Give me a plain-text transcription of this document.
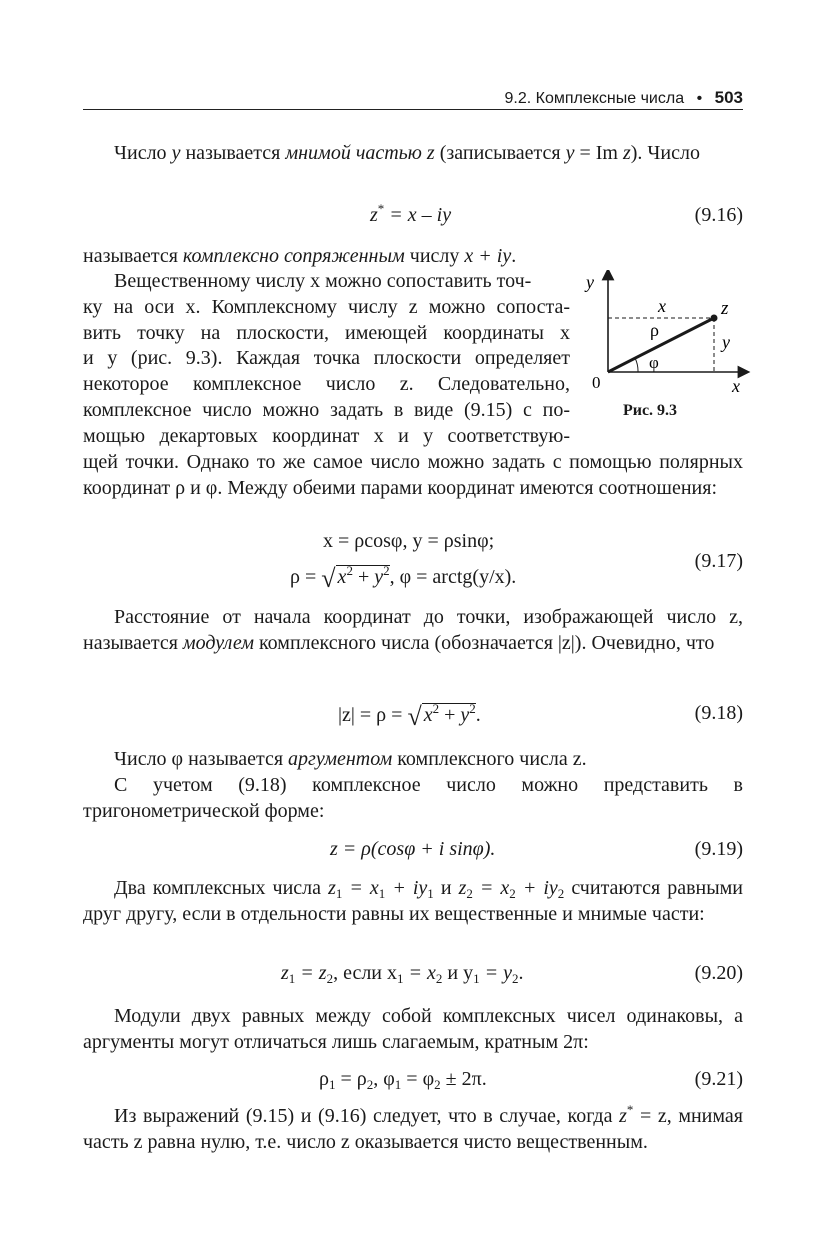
9.2. Комплексные числа • 503

Число y называется мнимой частью z (записывается y = Im z). Число

z* = x – iy	(9.16)

называется комплексно сопряженным числу x + iy.

Вещественному числу x можно сопоставить точ-
ку на оси x. Комплексному числу z можно сопоста-
вить точку на плоскости, имеющей координаты x
и y (рис. 9.3). Каждая точка плоскости определяет
некоторое комплексное число z. Следовательно,
комплексное число можно задать в виде (9.15) с по-
мощью декартовых координат x и y соответствую-

щей точки. Однако то же самое число можно задать с помощью полярных координат ρ и φ. Между обеими парами координат имеются соотношения:

y
x
0
x
y
z
ρ
φ
Рис. 9.3
x = ρcosφ, y = ρsinφ;
ρ = √ $x^2 + y^2$, φ = arctg(y/x).
(9.17)

Расстояние от начала координат до точки, изображающей число z, называется модулем комплексного числа (обозначается |z|). Очевидно, что

|z| = ρ = √ $x^2 + y^2$.	(9.18)

Число φ называется аргументом комплексного числа z.

С учетом (9.18) комплексное число можно представить в тригонометрической форме:

z = ρ(cosφ + i sinφ).	(9.19)

Два комплексных числа $z_1 = x_1 + iy_1$ и $z_2 = x_2 + iy_2$ считаются равными друг другу, если в отдельности равны их вещественные и мнимые части:

$z_1 = z_2$, если $x_1 = x_2$ и $y_1 = y_2$.	(9.20)

Модули двух равных между собой комплексных чисел одинаковы, а аргументы могут отличаться лишь слагаемым, кратным 2π:

$\rho_1 = \rho_2$, $\varphi_1 = \varphi_2 \pm 2\pi$.	(9.21)

Из выражений (9.15) и (9.16) следует, что в случае, когда z* = z, мнимая часть z равна нулю, т.е. число z оказывается чисто вещественным.
